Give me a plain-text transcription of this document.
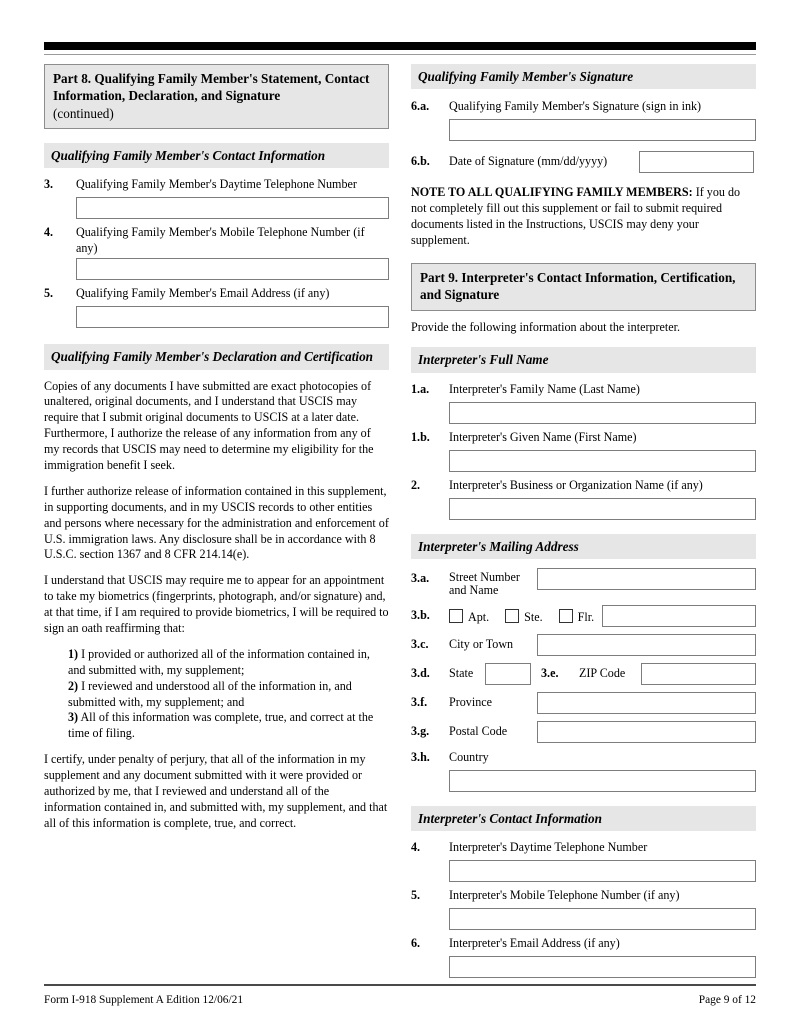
Part 8. Qualifying Family Member's Statement, Contact Information, Declaration, and Signature
(continued)
Qualifying Family Member's Contact Information
3. Qualifying Family Member's Daytime Telephone Number
4. Qualifying Family Member's Mobile Telephone Number (if any)
5. Qualifying Family Member's Email Address (if any)
Qualifying Family Member's Declaration and Certification

Copies of any documents I have submitted are exact photocopies of unaltered, original documents, and I understand that USCIS may require that I submit original documents to USCIS at a later date. Furthermore, I authorize the release of any information from any of my records that USCIS may need to determine my eligibility for the immigration benefit I seek.

I further authorize release of information contained in this supplement, in supporting documents, and in my USCIS records to other entities and persons where necessary for the administration and enforcement of U.S. immigration laws. Any disclosure shall be in accordance with 8 U.S.C. section 1367 and 8 CFR 214.14(e).

I understand that USCIS may require me to appear for an appointment to take my biometrics (fingerprints, photograph, and/or signature) and, at that time, if I am required to provide biometrics, I will be required to sign an oath reaffirming that:

1) I provided or authorized all of the information contained in, and submitted with, my supplement;
2) I reviewed and understood all of the information in, and submitted with, my supplement; and
3) All of this information was complete, true, and correct at the time of filing.

I certify, under penalty of perjury, that all of the information in my supplement and any document submitted with it were provided or authorized by me, that I reviewed and understand all of the information contained in, and submitted with, my supplement, and that all of this information is complete, true, and correct.

Qualifying Family Member's Signature
6.a. Qualifying Family Member's Signature (sign in ink)
6.b.	Date of Signature (mm/dd/yyyy)

NOTE TO ALL QUALIFYING FAMILY MEMBERS: If you do not completely fill out this supplement or fail to submit required documents listed in the Instructions, USCIS may deny your supplement.

Part 9. Interpreter's Contact Information, Certification, and Signature

Provide the following information about the interpreter.

Interpreter's Full Name
1.a. Interpreter's Family Name (Last Name)
1.b. Interpreter's Given Name (First Name)
2. Interpreter's Business or Organization Name (if any)
Interpreter's Mailing Address
3.a.	Street Number and Name
3.b.	Apt.	Ste.	Flr.
3.c.	City or Town
3.d.	State	3.e.	ZIP Code
3.f.	Province
3.g.	Postal Code
3.h. Country
Interpreter's Contact Information
4. Interpreter's Daytime Telephone Number
5. Interpreter's Mobile Telephone Number (if any)
6. Interpreter's Email Address (if any)
Form I-918 Supplement A Edition 12/06/21	Page 9 of 12
